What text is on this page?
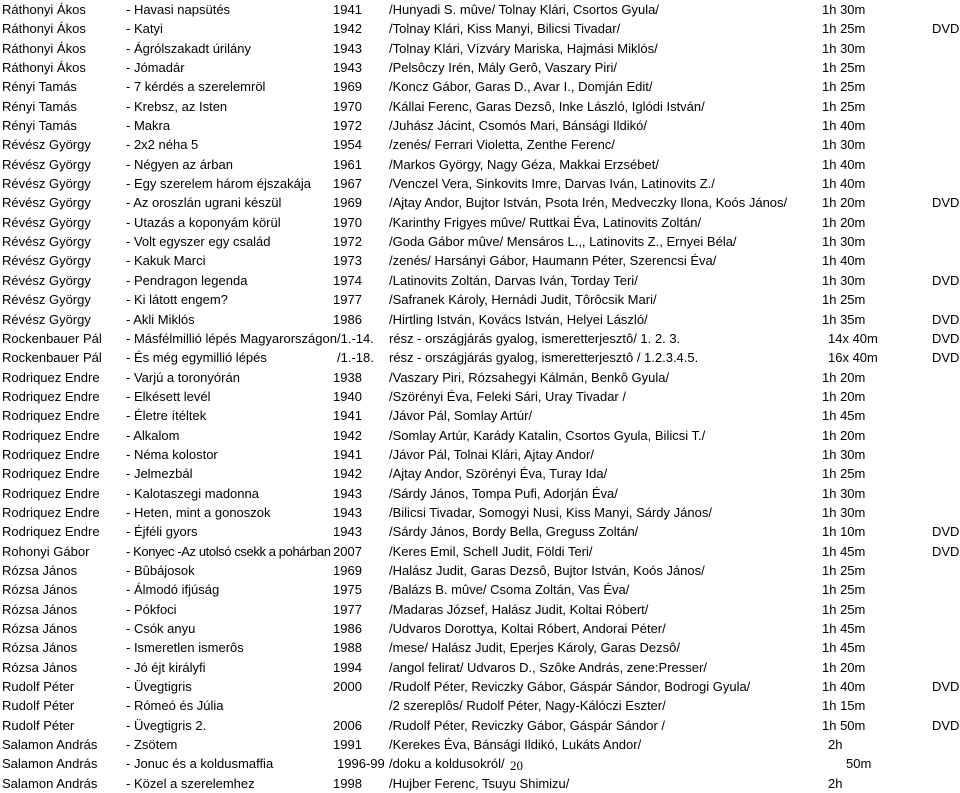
Ráthonyi Ákos	- Havasi napsütés	1941 /Hunyadi S. mûve/ Tolnay Klári, Csortos Gyula/	1h 30m
Ráthonyi Ákos	- Katyi	1942 /Tolnay Klári, Kiss Manyi, Bilicsi Tivadar/	1h 25m	DVD
Ráthonyi Ákos	- Ágrólszakadt úrilány	1943 /Tolnay Klári, Vízváry Mariska, Hajmási Miklós/	1h 30m
Ráthonyi Ákos	- Jómadár	1943 /Pelsôczy Irén, Mály Gerô, Vaszary Piri/	1h 25m
Rényi Tamás	- 7 kérdés a szerelemröl	1969 /Koncz Gábor, Garas D., Avar I., Domján Edit/	1h 25m
Rényi Tamás	- Krebsz, az Isten	1970 /Kállai Ferenc, Garas Dezsô, Inke László, Iglódi István/	1h 25m
Rényi Tamás	- Makra	1972 /Juhász Jácint, Csomós Mari, Bánsági Ildikó/	1h 40m
Révész György	- 2x2 néha 5	1954 /zenés/ Ferrari Violetta, Zenthe Ferenc/	1h 30m
Révész György	- Négyen az árban	1961 /Markos György, Nagy Géza, Makkai Erzsébet/	1h 40m
Révész György	- Egy szerelem három éjszakája 1967 /Venczel Vera, Sinkovits Imre, Darvas Iván, Latinovits Z./	1h 40m
Révész György	- Az oroszlán ugrani készül	1969 /Ajtay Andor, Bujtor István, Psota Irén, Medveczky Ilona, Koós János/	1h 20m	DVD
Révész György	- Utazás a koponyám körül	1970 /Karinthy Frigyes mûve/ Ruttkai Éva, Latinovits Zoltán/	1h 20m
Révész György	- Volt egyszer egy család	1972 /Goda Gábor mûve/ Mensáros L.,, Latinovits Z., Ernyei Béla/	1h 30m
Révész György	- Kakuk Marci	1973 /zenés/ Harsányi Gábor, Haumann Péter, Szerencsi Éva/	1h 40m
Révész György	- Pendragon legenda	1974 /Latinovits Zoltán, Darvas Iván, Torday Teri/	1h 30m	DVD
Révész György	- Ki látott engem?	1977 /Safranek Károly, Hernádi Judit, Tôrôcsik Mari/	1h 25m
Révész György	- Akli Miklós	1986 /Hirtling István, Kovács István, Helyei László/	1h 35m	DVD
Rockenbauer Pál - Másfélmillió lépés Magyarországon /1.-14. rész - országjárás gyalog, ismeretterjesztô/ 1. 2. 3.	14x 40m	DVD
Rockenbauer Pál - És még egymillió lépés	/1.-18. rész - országjárás gyalog, ismeretterjesztô / 1.2.3.4.5.	16x 40m	DVD
Rodriquez Endre - Varjú a toronyórán	1938 /Vaszary Piri, Rózsahegyi Kálmán, Benkô Gyula/	1h 20m
Rodriquez Endre - Elkésett levél	1940 /Szörényi Éva, Feleki Sári, Uray Tivadar /	1h 20m
Rodriquez Endre - Életre ítéltek	1941 /Jávor Pál, Somlay Artúr/	1h 45m
Rodriquez Endre - Alkalom	1942 /Somlay Artúr, Karády Katalin, Csortos Gyula, Bilicsi T./	1h 20m
Rodriquez Endre - Néma kolostor	1941 /Jávor Pál, Tolnai Klári, Ajtay Andor/	1h 30m
Rodriquez Endre - Jelmezbál	1942 /Ajtay Andor, Szörényi Éva, Turay Ida/	1h 25m
Rodriquez Endre - Kalotaszegi madonna	1943 /Sárdy János, Tompa Pufi, Adorján Éva/	1h 30m
Rodriquez Endre - Heten, mint a gonoszok	1943 /Bilicsi Tivadar, Somogyi Nusi, Kiss Manyi, Sárdy János/	1h 30m
Rodriquez Endre - Éjféli gyors	1943 /Sárdy János, Bordy Bella, Greguss Zoltán/	1h 10m	DVD
Rohonyi Gábor	- Konyec -Az utolsó csekk a pohárban 2007 /Keres Emil, Schell Judit, Földi Teri/	1h 45m	DVD
Rózsa János	- Bûbájosok	1969 /Halász Judit, Garas Dezsô, Bujtor István, Koós János/	1h 25m
Rózsa János	- Álmodó ifjúság	1975 /Balázs B. mûve/ Csoma Zoltán, Vas Éva/	1h 25m
Rózsa János	- Pókfoci	1977 /Madaras József, Halász Judit, Koltai Róbert/	1h 25m
Rózsa János	- Csók anyu	1986 /Udvaros Dorottya, Koltai Róbert, Andorai Péter/	1h 45m
Rózsa János	- Ismeretlen ismerôs	1988 /mese/ Halász Judit, Eperjes Károly, Garas Dezsô/	1h 45m
Rózsa János	- Jó éjt királyfi	1994 /angol felirat/ Udvaros D., Szôke András, zene:Presser/	1h 20m
Rudolf Péter	- Üvegtigris	2000 /Rudolf Péter, Reviczky Gábor, Gáspár Sándor, Bodrogi Gyula/	1h 40m	DVD
Rudolf Péter	- Rómeó és Júlia	/2 szereplôs/ Rudolf Péter, Nagy-Kálóczi Eszter/	1h 15m
Rudolf Péter	- Üvegtigris 2.	2006 /Rudolf Péter, Reviczky Gábor, Gáspár Sándor /	1h 50m	DVD
Salamon András - Zsötem	1991 /Kerekes Éva, Bánsági Ildikó, Lukáts Andor/	2h
Salamon András - Jonuc és a koldusmaffia	1996-99 /doku a koldusokról/	50m
Salamon András - Közel a szerelemhez	1998 /Hujber Ferenc, Tsuyu Shimizu/	2h
20
